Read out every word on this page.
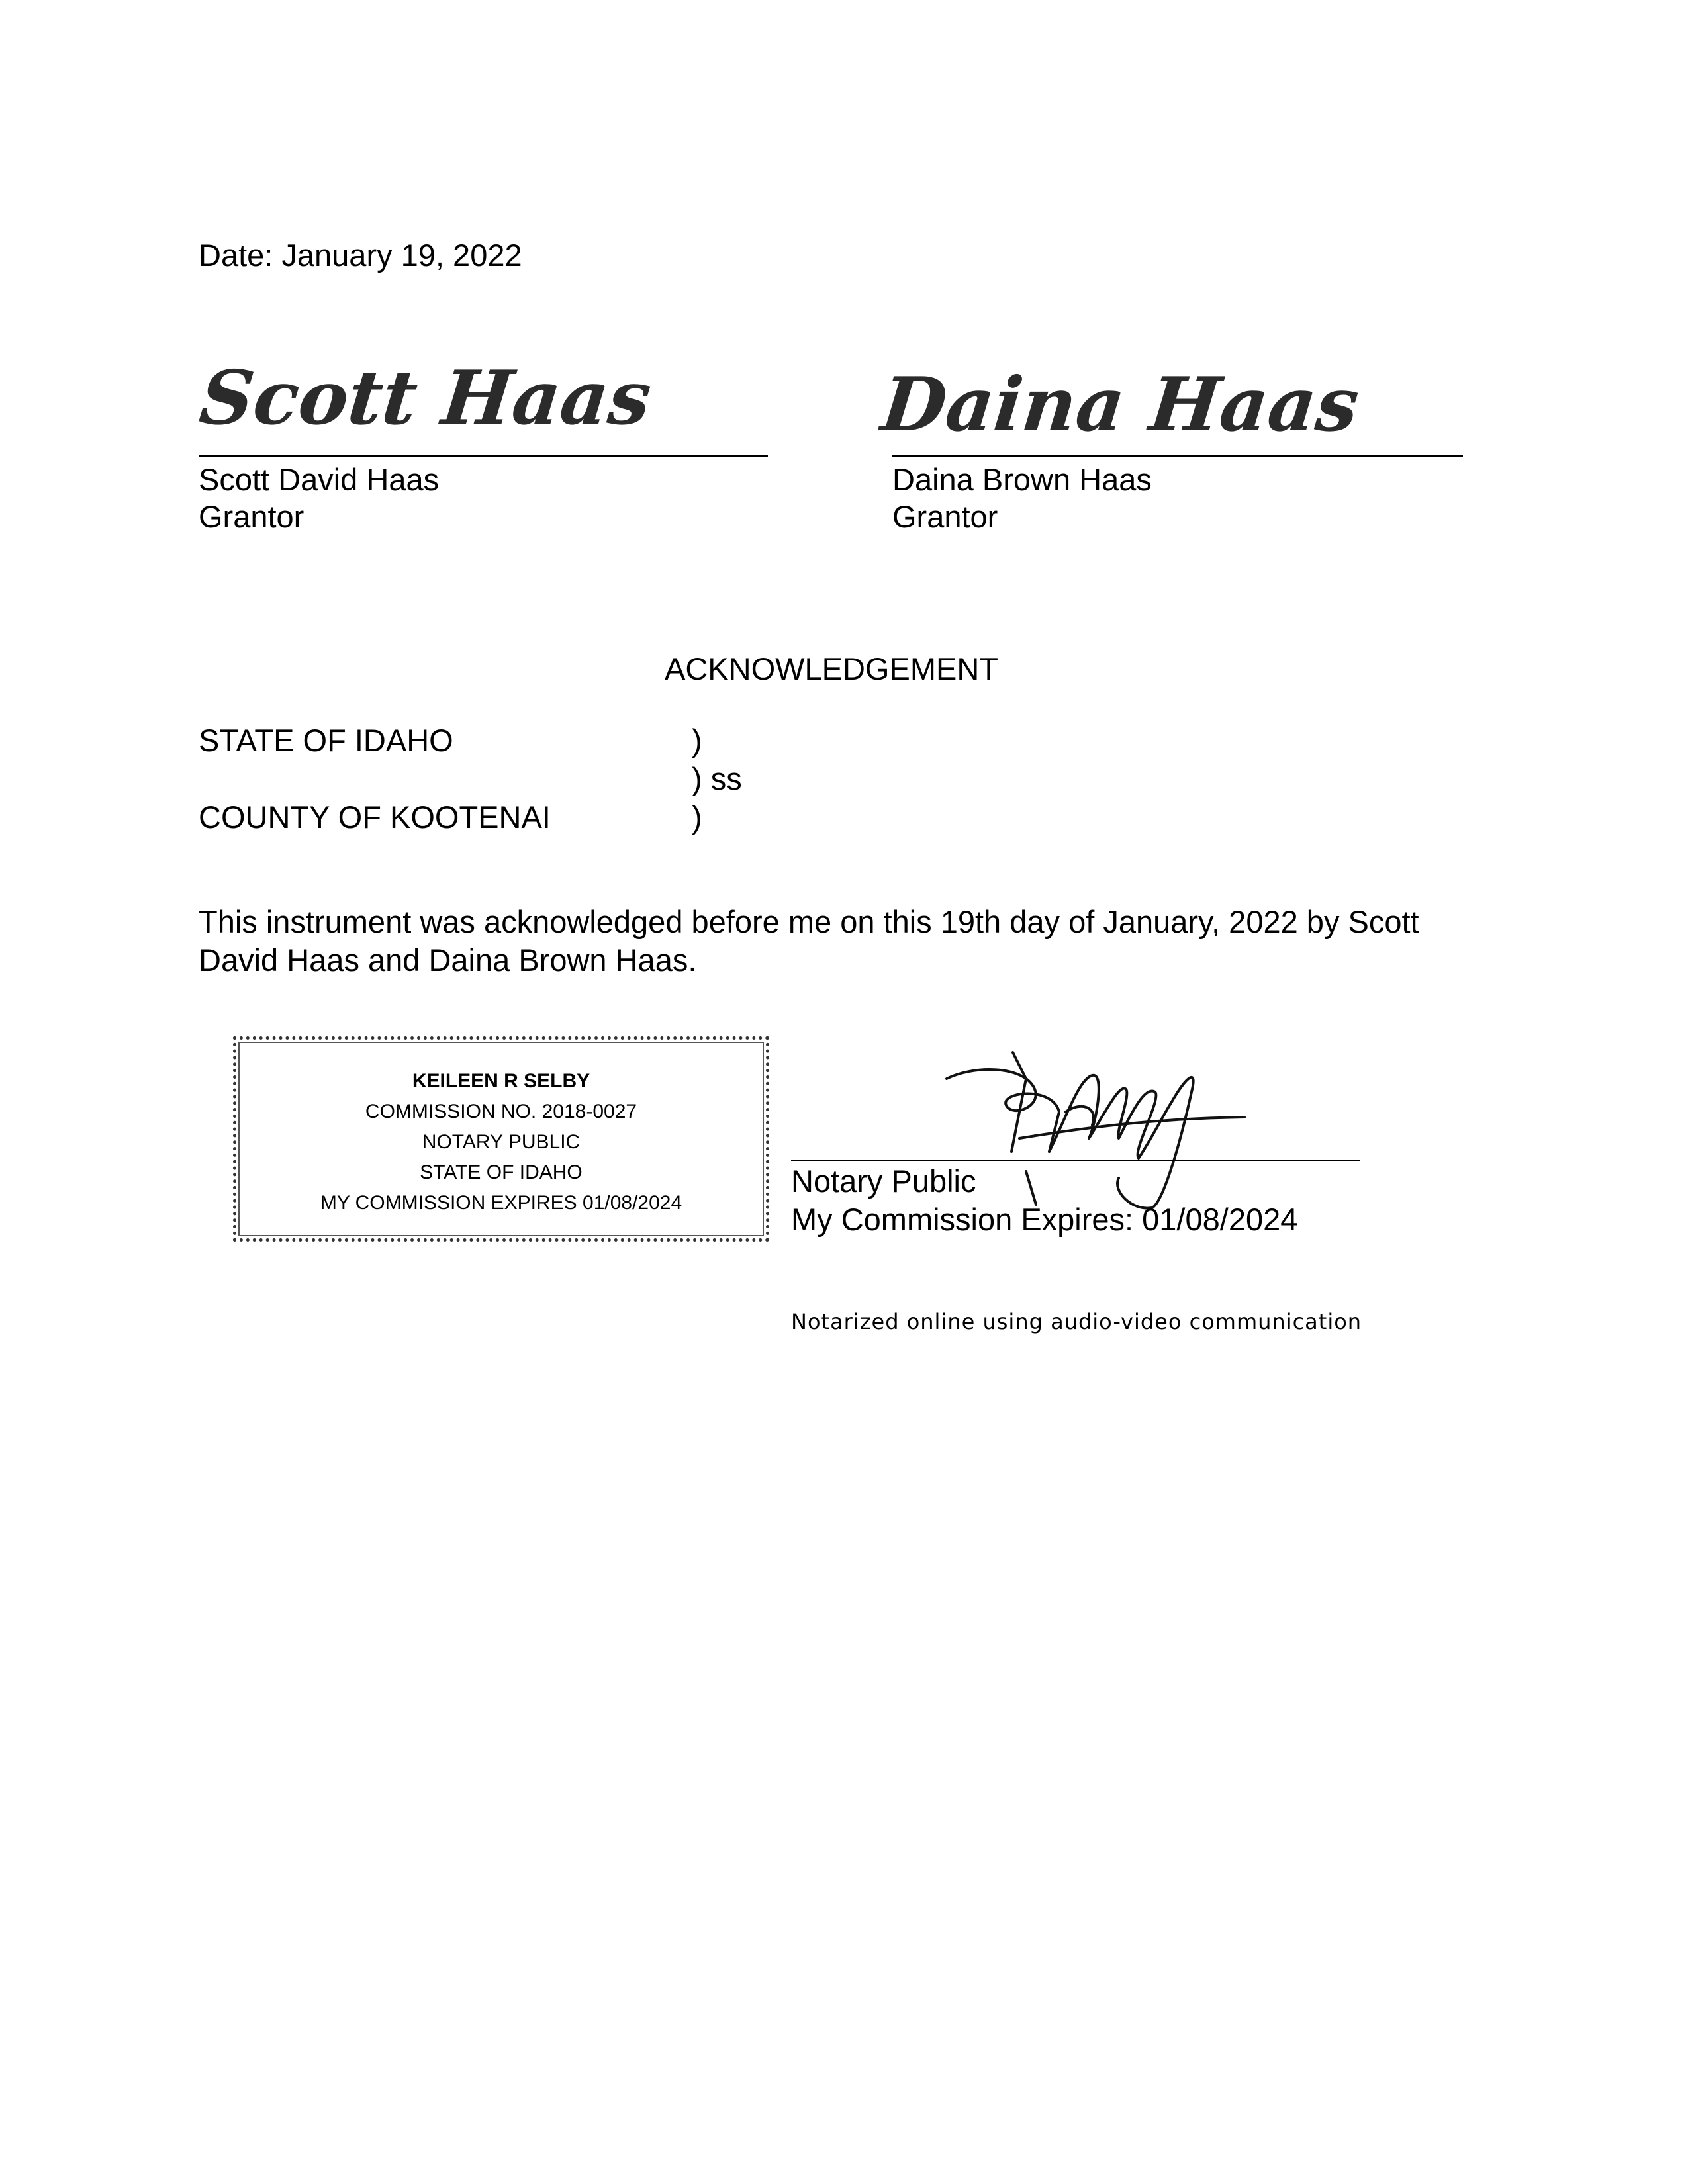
Date: January 19, 2022
Scott Haas
Scott David Haas
Grantor
Daina Haas
Daina Brown Haas
Grantor
ACKNOWLEDGEMENT
STATE OF IDAHO	)
) ss
COUNTY OF KOOTENAI	)
This instrument was acknowledged before me on this 19th day of January, 2022 by Scott
David Haas and Daina Brown Haas.
KEILEEN R SELBY
COMMISSION NO. 2018-0027
NOTARY PUBLIC
STATE OF IDAHO
MY COMMISSION EXPIRES 01/08/2024
Notary Public
My Commission Expires: 01/08/2024
Notarized online using audio-video communication
